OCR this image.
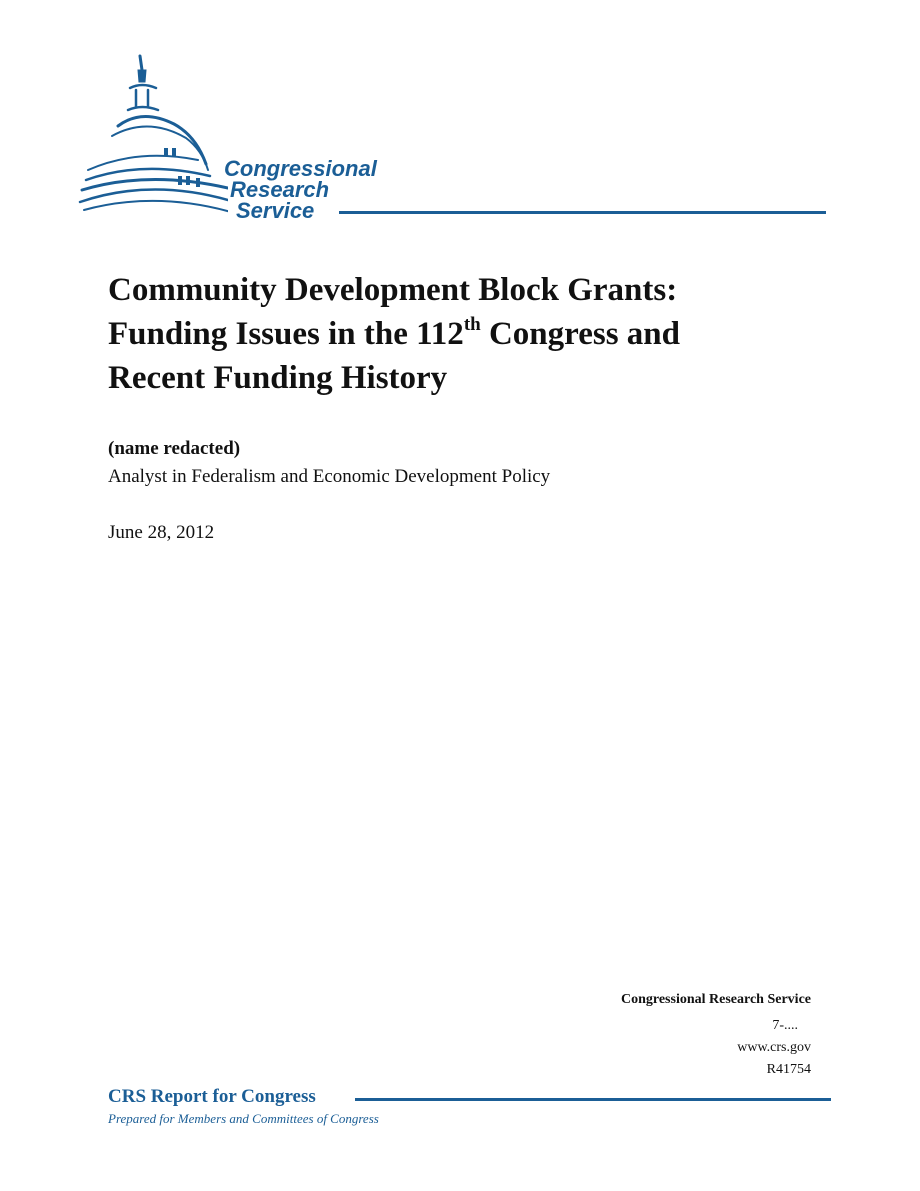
Congressional
Research
Service
Community Development Block Grants:
Funding Issues in the 112th Congress and
Recent Funding History
(name redacted)
Analyst in Federalism and Economic Development Policy
June 28, 2012
Congressional Research Service
7-....
www.crs.gov
R41754
CRS Report for Congress
Prepared for Members and Committees of Congress
